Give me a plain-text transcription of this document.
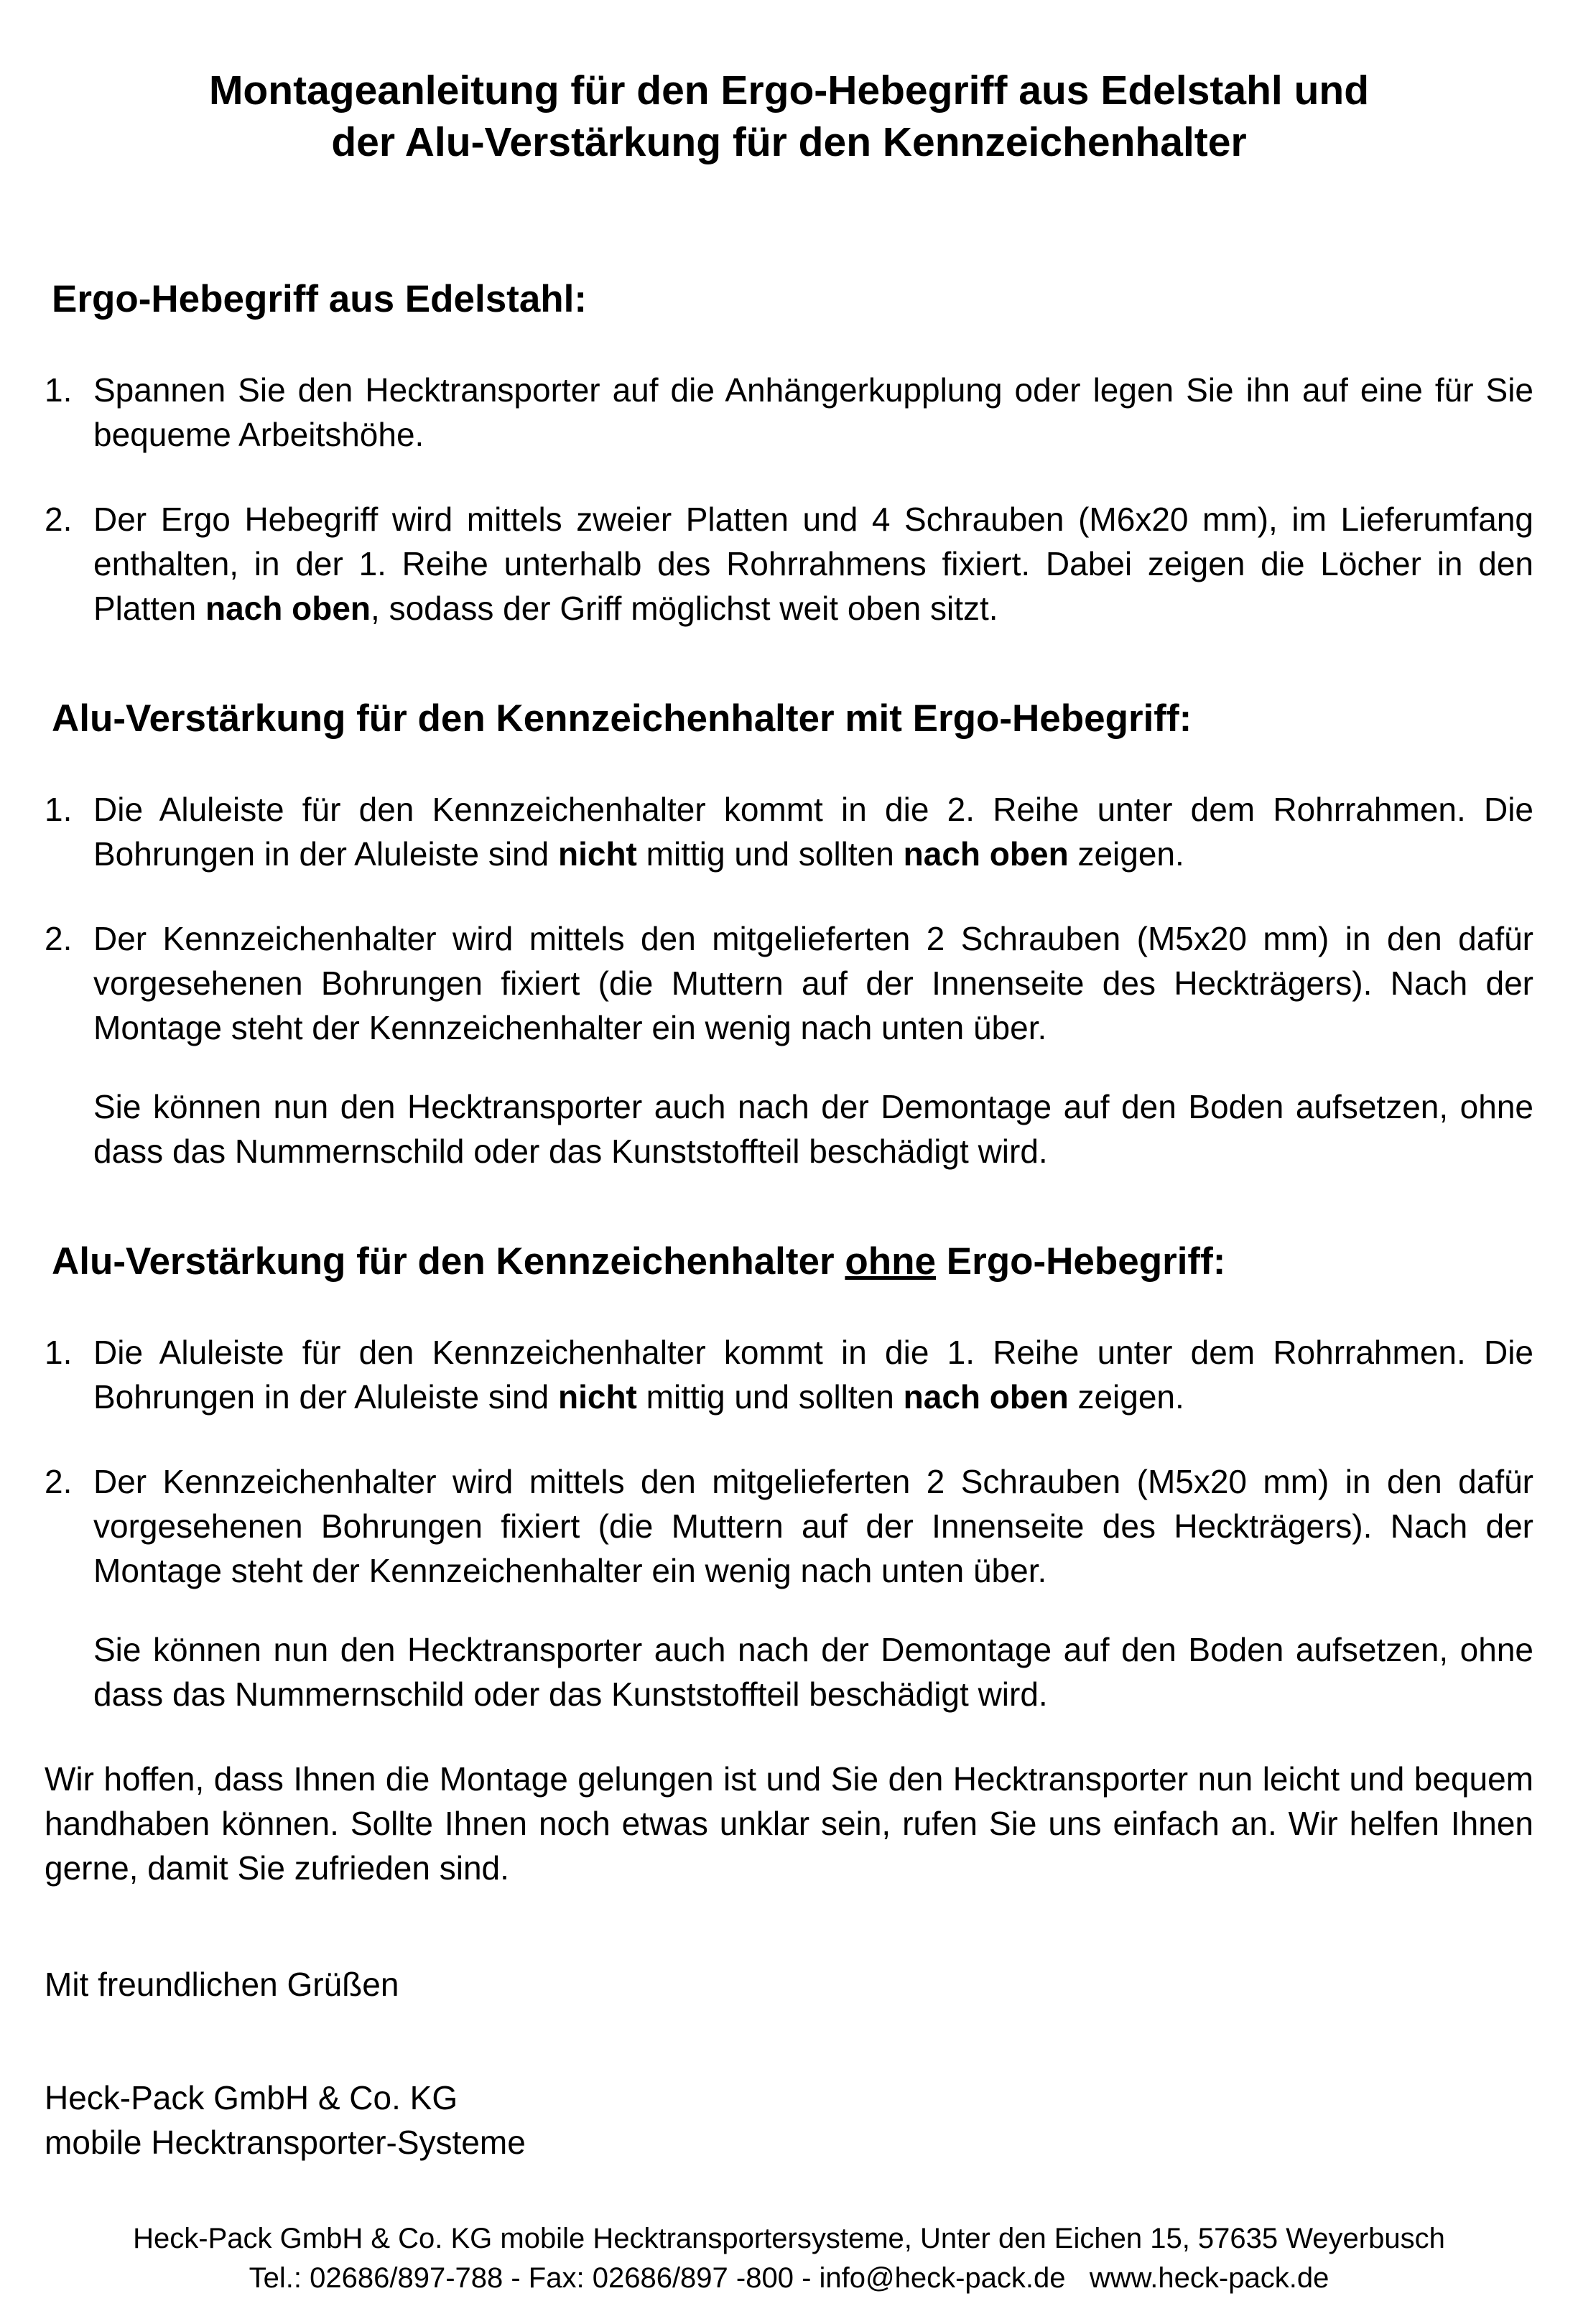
Montageanleitung für den Ergo-Hebegriff aus Edelstahl und
der Alu-Verstärkung für den Kennzeichenhalter
Ergo-Hebegriff aus Edelstahl:
1. Spannen Sie den Hecktransporter auf die Anhängerkupplung oder legen Sie ihn auf eine für Sie bequeme Arbeitshöhe.

2. Der Ergo Hebegriff wird mittels zweier Platten und 4 Schrauben (M6x20 mm), im Lieferumfang enthalten, in der 1. Reihe unterhalb des Rohrrahmens fixiert. Dabei zeigen die Löcher in den Platten nach oben, sodass der Griff möglichst weit oben sitzt.

Alu-Verstärkung für den Kennzeichenhalter mit Ergo-Hebegriff:
1. Die Aluleiste für den Kennzeichenhalter kommt in die 2. Reihe unter dem Rohrrahmen. Die Bohrungen in der Aluleiste sind nicht mittig und sollten nach oben zeigen.

2. Der Kennzeichenhalter wird mittels den mitgelieferten 2 Schrauben (M5x20 mm) in den dafür vorgesehenen Bohrungen fixiert (die Muttern auf der Innenseite des Heckträgers). Nach der Montage steht der Kennzeichenhalter ein wenig nach unten über.

Sie können nun den Hecktransporter auch nach der Demontage auf den Boden aufsetzen, ohne dass das Nummernschild oder das Kunststoffteil beschädigt wird.

Alu-Verstärkung für den Kennzeichenhalter ohne Ergo-Hebegriff:
1. Die Aluleiste für den Kennzeichenhalter kommt in die 1. Reihe unter dem Rohrrahmen. Die Bohrungen in der Aluleiste sind nicht mittig und sollten nach oben zeigen.

2. Der Kennzeichenhalter wird mittels den mitgelieferten 2 Schrauben (M5x20 mm) in den dafür vorgesehenen Bohrungen fixiert (die Muttern auf der Innenseite des Heckträgers). Nach der Montage steht der Kennzeichenhalter ein wenig nach unten über.

Sie können nun den Hecktransporter auch nach der Demontage auf den Boden aufsetzen, ohne dass das Nummernschild oder das Kunststoffteil beschädigt wird.

Wir hoffen, dass Ihnen die Montage gelungen ist und Sie den Hecktransporter nun leicht und bequem handhaben können. Sollte Ihnen noch etwas unklar sein, rufen Sie uns einfach an. Wir helfen Ihnen gerne, damit Sie zufrieden sind.

Mit freundlichen Grüßen

Heck-Pack GmbH & Co. KG

mobile Hecktransporter-Systeme

Heck-Pack GmbH & Co. KG mobile Hecktransportersysteme, Unter den Eichen 15, 57635 Weyerbusch
Tel.: 02686/897-788 - Fax: 02686/897 -800 - info@heck-pack.de   www.heck-pack.de
